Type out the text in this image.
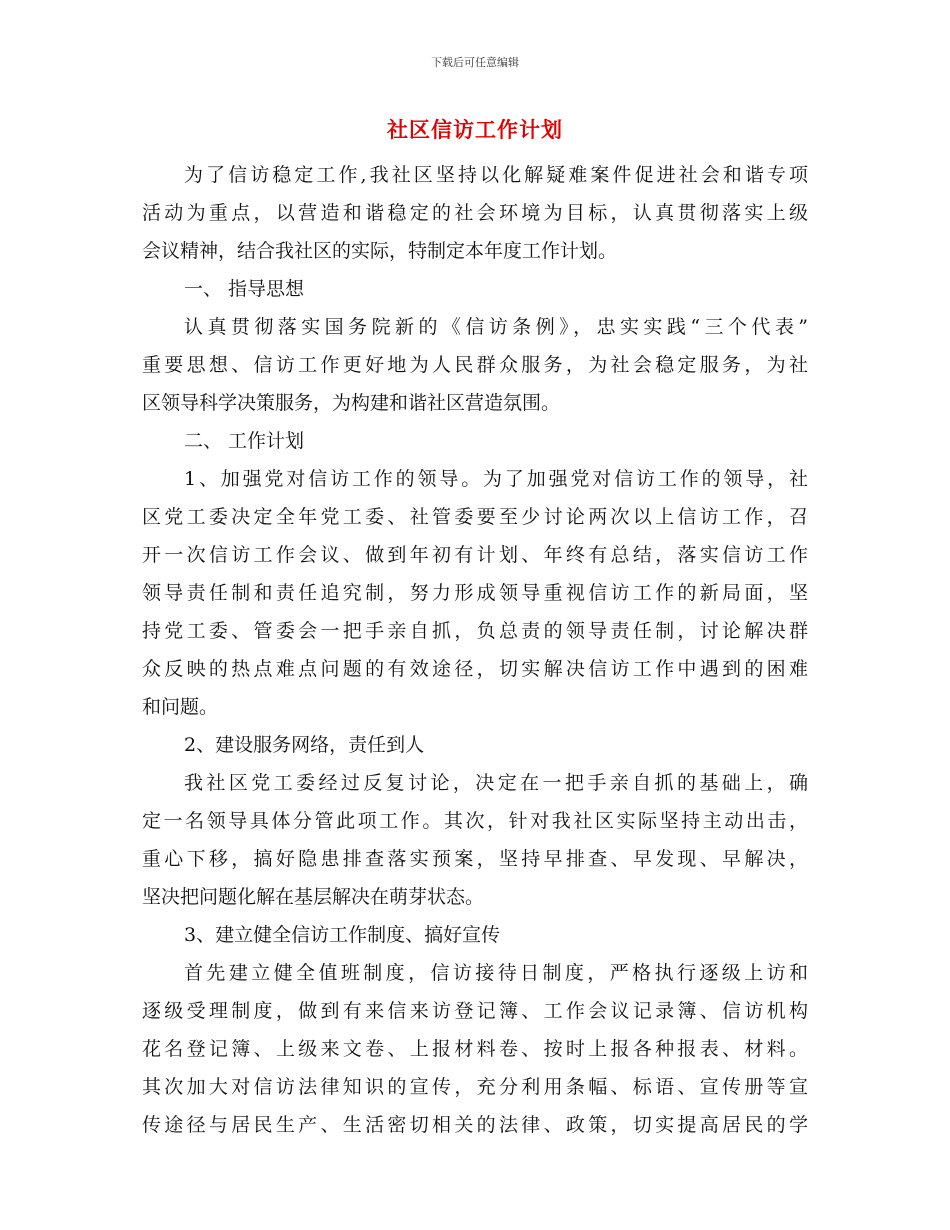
下载后可任意编辑
社区信访工作计划
为了信访稳定工作,我社区坚持以化解疑难案件促进社会和谐专项
活动为重点，以营造和谐稳定的社会环境为目标，认真贯彻落实上级
会议精神，结合我社区的实际，特制定本年度工作计划。
一、 指导思想
认真贯彻落实国务院新的《信访条例》，忠实实践“三个代表”
重要思想、信访工作更好地为人民群众服务，为社会稳定服务，为社
区领导科学决策服务，为构建和谐社区营造氛围。
二、 工作计划
1、加强党对信访工作的领导。为了加强党对信访工作的领导，社
区党工委决定全年党工委、社管委要至少讨论两次以上信访工作，召
开一次信访工作会议、做到年初有计划、年终有总结，落实信访工作
领导责任制和责任追究制，努力形成领导重视信访工作的新局面，坚
持党工委、管委会一把手亲自抓，负总责的领导责任制，讨论解决群
众反映的热点难点问题的有效途径，切实解决信访工作中遇到的困难
和问题。
2、建设服务网络，责任到人
我社区党工委经过反复讨论，决定在一把手亲自抓的基础上，确
定一名领导具体分管此项工作。其次，针对我社区实际坚持主动出击，
重心下移，搞好隐患排查落实预案，坚持早排查、早发现、早解决，
坚决把问题化解在基层解决在萌芽状态。
3、建立健全信访工作制度、搞好宣传
首先建立健全值班制度，信访接待日制度，严格执行逐级上访和
逐级受理制度，做到有来信来访登记簿、工作会议记录簿、信访机构
花名登记簿、上级来文卷、上报材料卷、按时上报各种报表、材料。
其次加大对信访法律知识的宣传，充分利用条幅、标语、宣传册等宣
传途径与居民生产、生活密切相关的法律、政策，切实提高居民的学
